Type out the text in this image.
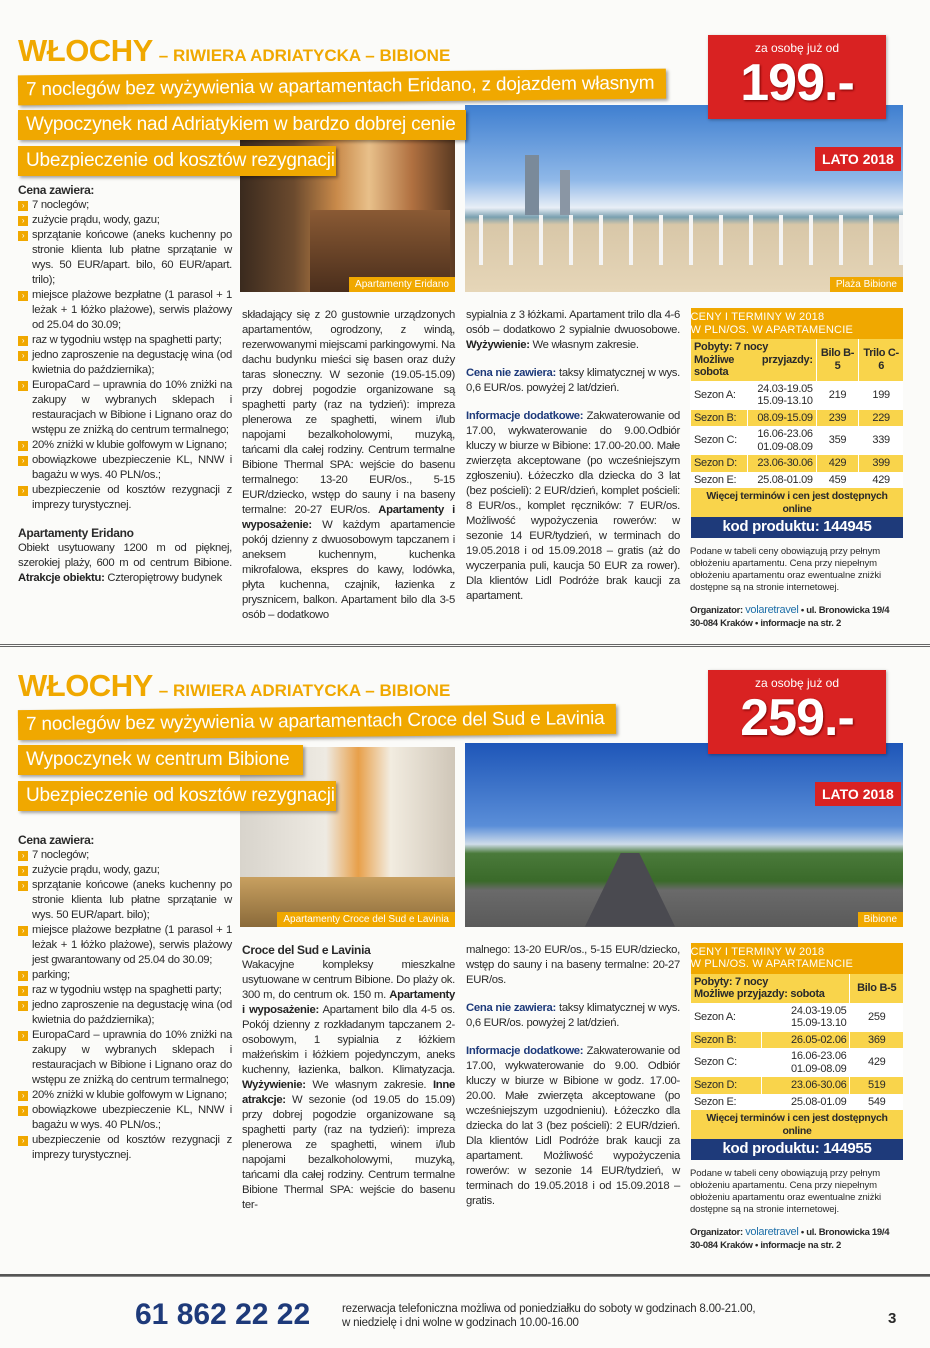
WŁOCHY – RIWIERA ADRIATYCKA – BIBIONE
7 noclegów bez wyżywienia w apartamentach Eridano, z dojazdem własnym
Wypoczynek nad Adriatykiem w bardzo dobrej cenie
Ubezpieczenie od kosztów rezygnacji
Apartamenty Eridano	Plaża Bibione
za osobę już od
199.-
LATO 2018
Cena zawiera:
› 7 noclegów;
› zużycie prądu, wody, gazu;
› sprzątanie końcowe (aneks kuchenny po stronie klienta lub płatne sprzątanie w wys. 50 EUR/apart. bilo, 60 EUR/apart. trilo);
› miejsce plażowe bezpłatne (1 parasol + 1 leżak + 1 łóżko plażowe), serwis plażowy od 25.04 do 30.09;
› raz w tygodniu wstęp na spaghetti party;
› jedno zaproszenie na degustację wina (od kwietnia do października);
› EuropaCard – uprawnia do 10% zniżki na zakupy w wybranych sklepach i restauracjach w Bibione i Lignano oraz do wstępu ze zniżką do centrum termalnego;
› 20% zniżki w klubie golfowym w Lignano;
› obowiązkowe ubezpieczenie KL, NNW i bagażu w wys. 40 PLN/os.;
› ubezpieczenie od kosztów rezygnacji z imprezy turystycznej.
Apartamenty Eridano

Obiekt usytuowany 1200 m od pięknej, szerokiej plaży, 600 m od centrum Bibione. Atrakcje obiektu: Czteropiętrowy budynek

składający się z 20 gustownie urządzonych apartamentów, ogrodzony, z windą, rezerwowanymi miejscami parkingowymi. Na dachu budynku mieści się basen oraz duży taras słoneczny. W sezonie (19.05-15.09) przy dobrej pogodzie organizowane są spaghetti party (raz na tydzień): impreza plenerowa ze spaghetti, winem i/lub napojami bezalkoholowymi, muzyką, tańcami dla całej rodziny. Centrum termalne Bibione Thermal SPA: wejście do basenu termalnego: 13-20 EUR/os., 5-15 EUR/dziecko, wstęp do sauny i na baseny termalne: 20-27 EUR/os. Apartamenty i wyposażenie: W każdym apartamencie pokój dzienny z dwuosobowym tapczanem i aneksem kuchennym, kuchenka mikrofalowa, ekspres do kawy, lodówka, płyta kuchenna, czajnik, łazienka z prysznicem, balkon. Apartament bilo dla 3-5 osób – dodatkowo

sypialnia z 3 łóżkami. Apartament trilo dla 4-6 osób – dodatkowo 2 sypialnie dwuosobowe. Wyżywienie: We własnym zakresie.

Cena nie zawiera: taksy klimatycznej w wys. 0,6 EUR/os. powyżej 2 lat/dzień.

Informacje dodatkowe: Zakwaterowanie od 17.00, wykwaterowanie do 9.00.Odbiór kluczy w biurze w Bibione: 17.00-20.00. Małe zwierzęta akceptowane (po wcześniejszym zgłoszeniu). Łóżeczko dla dziecka do 3 lat (bez pościeli): 2 EUR/dzień, komplet pościeli: 8 EUR/os., komplet ręczników: 7 EUR/os. Możliwość wypożyczenia rowerów: w sezonie 14 EUR/tydzień, w terminach do 19.05.2018 i od 15.09.2018 – gratis (aż do wyczerpania puli, kaucja 50 EUR za rower). Dla klientów Lidl Podróże brak kaucji za apartament.

CENY I TERMINY W 2018
W PLN/OS. W APARTAMENCIE			

Pobyty: 7 nocy
Możliwe przyjazdy: sobota		Bilo B-5	Trilo C-6
Sezon A:	24.03-19.05
15.09-13.10	219	199
Sezon B:	08.09-15.09	239	229
Sezon C:	16.06-23.06
01.09-08.09	359	339
Sezon D:	23.06-30.06	429	399
Sezon E:	25.08-01.09	459	429
Więcej terminów i cen jest dostępnych online			
kod produktu: 144945			
Podane w tabeli ceny obowiązują przy pełnym obłożeniu apartamentu. Cena przy niepełnym obłożeniu apartamentu oraz ewentualne zniżki dostępne są na stronie internetowej.
Organizator: volaretravel • ul. Bronowicka 19/4 30-084 Kraków • informacje na str. 2
WŁOCHY – RIWIERA ADRIATYCKA – BIBIONE
7 noclegów bez wyżywienia w apartamentach Croce del Sud e Lavinia
Wypoczynek w centrum Bibione
Ubezpieczenie od kosztów rezygnacji
Apartamenty Croce del Sud e Lavinia	Bibione
za osobę już od
259.-
LATO 2018
Cena zawiera:
› 7 noclegów;
› zużycie prądu, wody, gazu;
› sprzątanie końcowe (aneks kuchenny po stronie klienta lub płatne sprzątanie w wys. 50 EUR/apart. bilo);
› miejsce plażowe bezpłatne (1 parasol + 1 leżak + 1 łóżko plażowe), serwis plażowy jest gwarantowany od 25.04 do 30.09;
› parking;
› raz w tygodniu wstęp na spaghetti party;
› jedno zaproszenie na degustację wina (od kwietnia do października);
› EuropaCard – uprawnia do 10% zniżki na zakupy w wybranych sklepach i restauracjach w Bibione i Lignano oraz do wstępu ze zniżką do centrum termalnego;
› 20% zniżki w klubie golfowym w Lignano;
› obowiązkowe ubezpieczenie KL, NNW i bagażu w wys. 40 PLN/os.;
› ubezpieczenie od kosztów rezygnacji z imprezy turystycznej.
Croce del Sud e Lavinia

Wakacyjne kompleksy mieszkalne usytuowane w centrum Bibione. Do plaży ok. 300 m, do centrum ok. 150 m. Apartamenty i wyposażenie: Apartament bilo dla 4-5 os. Pokój dzienny z rozkładanym tapczanem 2-osobowym, 1 sypialnia z łóżkiem małżeńskim i łóżkiem pojedynczym, aneks kuchenny, łazienka, balkon. Klimatyzacja. Wyżywienie: We własnym zakresie. Inne atrakcje: W sezonie (od 19.05 do 15.09) przy dobrej pogodzie organizowane są spaghetti party (raz na tydzień): impreza plenerowa ze spaghetti, winem i/lub napojami bezalkoholowymi, muzyką, tańcami dla całej rodziny. Centrum termalne Bibione Thermal SPA: wejście do basenu ter-

malnego: 13-20 EUR/os., 5-15 EUR/dziecko, wstęp do sauny i na baseny termalne: 20-27 EUR/os.

Cena nie zawiera: taksy klimatycznej w wys. 0,6 EUR/os. powyżej 2 lat/dzień.

Informacje dodatkowe: Zakwaterowanie od 17.00, wykwaterowanie do 9.00. Odbiór kluczy w biurze w Bibione w godz. 17.00-20.00. Małe zwierzęta akceptowane (po wcześniejszym uzgodnieniu). Łóżeczko dla dziecka do lat 3 (bez pościeli): 2 EUR/dzień. Dla klientów Lidl Podróże brak kaucji za apartament. Możliwość wypożyczenia rowerów: w sezonie 14 EUR/tydzień, w terminach do 19.05.2018 i od 15.09.2018 – gratis.

CENY I TERMINY W 2018
W PLN/OS. W APARTAMENCIE		

Pobyty: 7 nocy
Możliwe przyjazdy: sobota		Bilo B-5
Sezon A:	24.03-19.05
15.09-13.10	259
Sezon B:	26.05-02.06	369
Sezon C:	16.06-23.06
01.09-08.09	429
Sezon D:	23.06-30.06	519
Sezon E:	25.08-01.09	549
Więcej terminów i cen jest dostępnych online		
kod produktu: 144955		
Podane w tabeli ceny obowiązują przy pełnym obłożeniu apartamentu. Cena przy niepełnym obłożeniu apartamentu oraz ewentualne zniżki dostępne są na stronie internetowej.
Organizator: volaretravel • ul. Bronowicka 19/4 30-084 Kraków • informacje na str. 2
61 862 22 22	rezerwacja telefoniczna możliwa od poniedziałku do soboty w godzinach 8.00-21.00,
w niedzielę i dni wolne w godzinach 10.00-16.00	3
